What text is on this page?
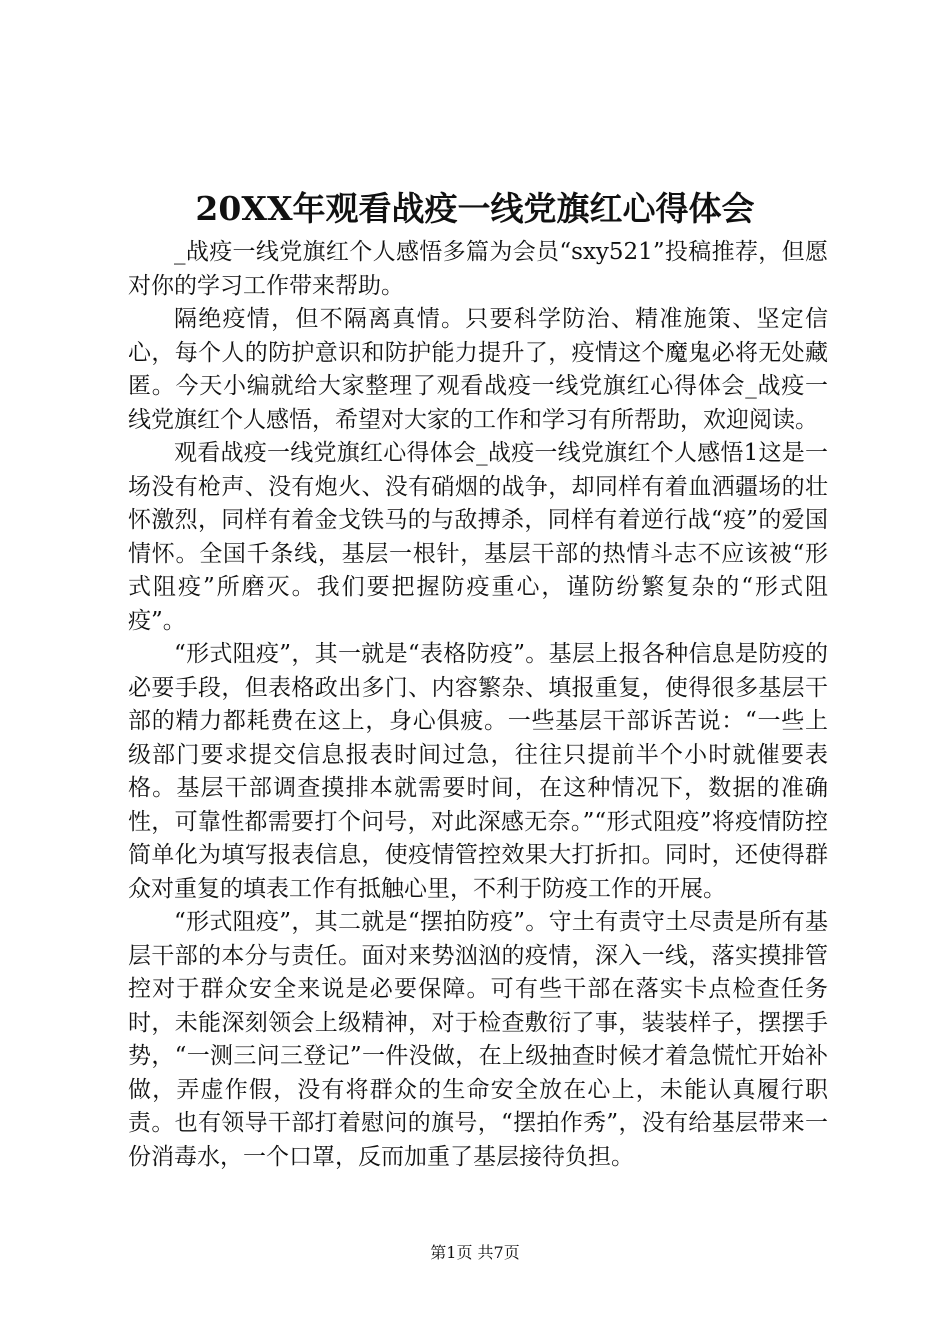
20XX年观看战疫一线党旗红心得体会

_战疫一线党旗红个人感悟多篇为会员“sxy521”投稿推荐，但愿对你的学习工作带来帮助。

隔绝疫情，但不隔离真情。只要科学防治、精准施策、坚定信心，每个人的防护意识和防护能力提升了，疫情这个魔鬼必将无处藏匿。今天小编就给大家整理了观看战疫一线党旗红心得体会_战疫一线党旗红个人感悟，希望对大家的工作和学习有所帮助，欢迎阅读。

观看战疫一线党旗红心得体会_战疫一线党旗红个人感悟1这是一场没有枪声、没有炮火、没有硝烟的战争，却同样有着血洒疆场的壮怀激烈，同样有着金戈铁马的与敌搏杀，同样有着逆行战“疫”的爱国情怀。全国千条线，基层一根针，基层干部的热情斗志不应该被“形式阻疫”所磨灭。我们要把握防疫重心，谨防纷繁复杂的“形式阻疫”。

“形式阻疫”，其一就是“表格防疫”。基层上报各种信息是防疫的必要手段，但表格政出多门、内容繁杂、填报重复，使得很多基层干部的精力都耗费在这上，身心俱疲。一些基层干部诉苦说：“一些上级部门要求提交信息报表时间过急，往往只提前半个小时就催要表格。基层干部调查摸排本就需要时间，在这种情况下，数据的准确性，可靠性都需要打个问号，对此深感无奈。”“形式阻疫”将疫情防控简单化为填写报表信息，使疫情管控效果大打折扣。同时，还使得群众对重复的填表工作有抵触心里，不利于防疫工作的开展。

“形式阻疫”，其二就是“摆拍防疫”。守土有责守土尽责是所有基层干部的本分与责任。面对来势汹汹的疫情，深入一线，落实摸排管控对于群众安全来说是必要保障。可有些干部在落实卡点检查任务时，未能深刻领会上级精神，对于检查敷衍了事，装装样子，摆摆手势，“一测三问三登记”一件没做，在上级抽查时候才着急慌忙开始补做，弄虚作假，没有将群众的生命安全放在心上，未能认真履行职责。也有领导干部打着慰问的旗号，“摆拍作秀”，没有给基层带来一份消毒水，一个口罩，反而加重了基层接待负担。

第1页 共7页
